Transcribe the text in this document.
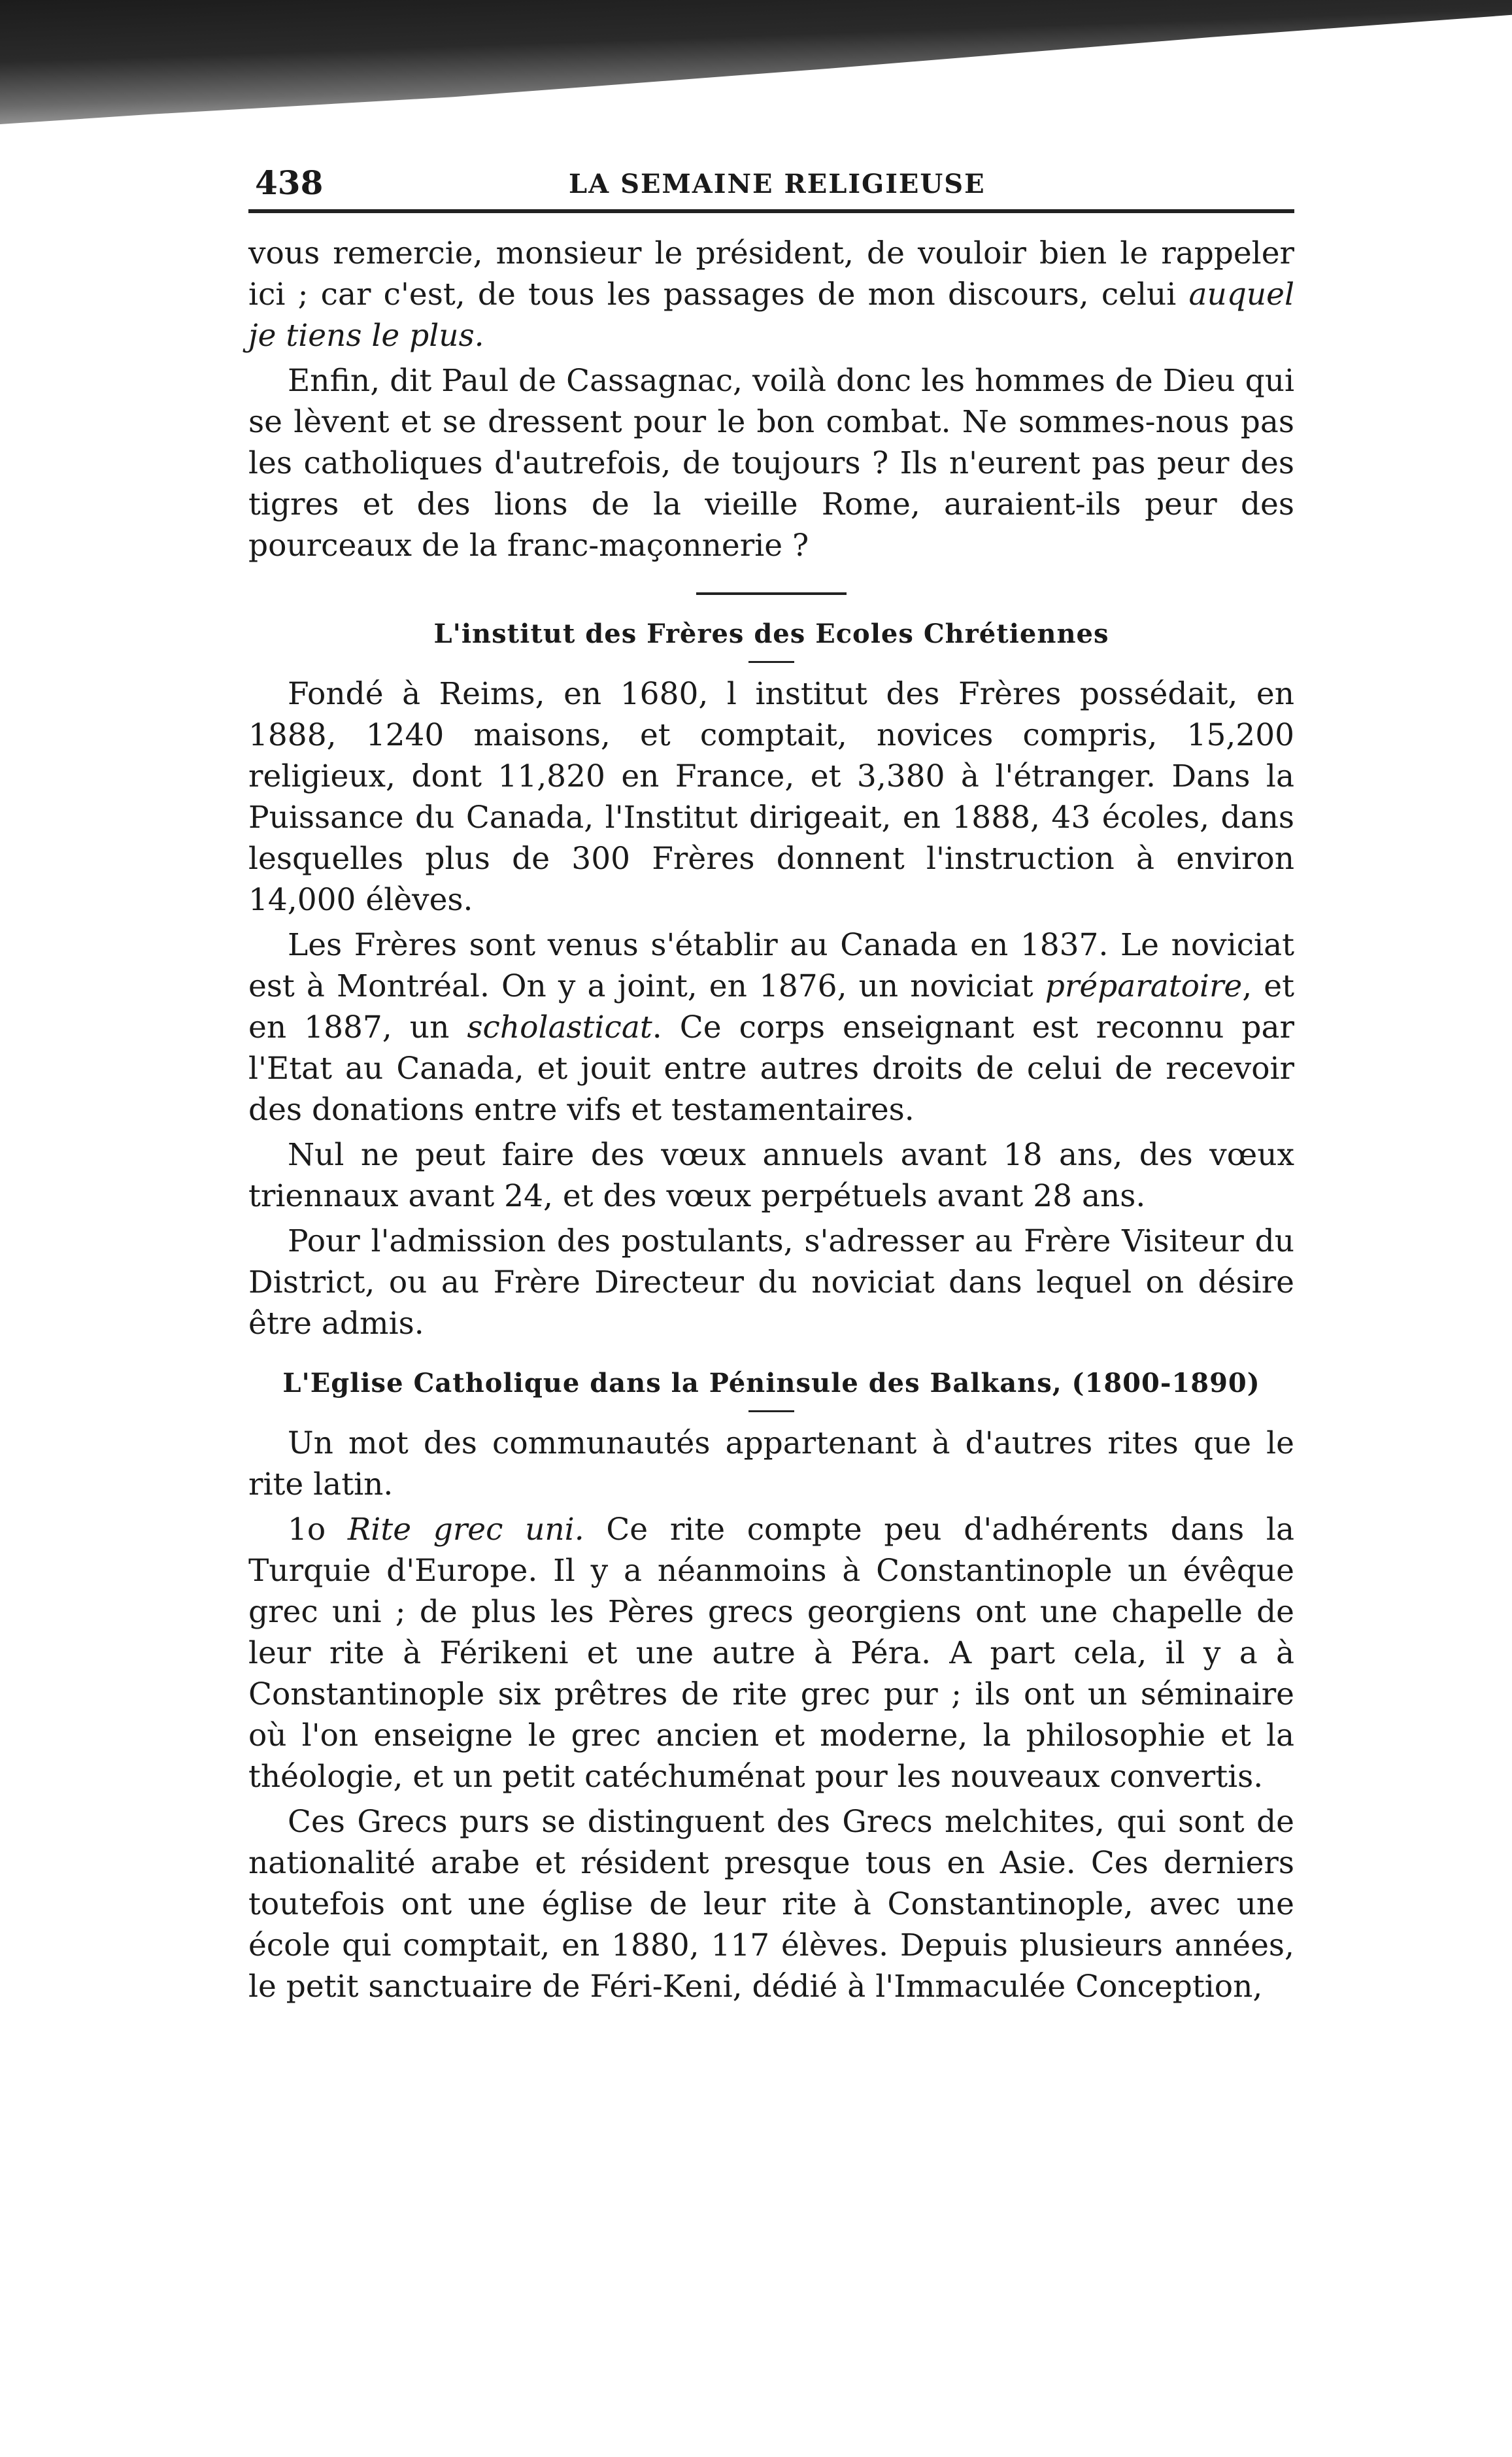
438	LA SEMAINE RELIGIEUSE

vous remercie, monsieur le président, de vouloir bien le rappeler ici ; car c'est, de tous les passages de mon discours, celui auquel je tiens le plus.

Enfin, dit Paul de Cassagnac, voilà donc les hommes de Dieu qui se lèvent et se dressent pour le bon combat. Ne sommes-nous pas les catholiques d'autrefois, de toujours ? Ils n'eurent pas peur des tigres et des lions de la vieille Rome, auraient-ils peur des pourceaux de la franc-maçonnerie ?

L'institut des Frères des Ecoles Chrétiennes

Fondé à Reims, en 1680, l institut des Frères possédait, en 1888, 1240 maisons, et comptait, novices compris, 15,200 religieux, dont 11,820 en France, et 3,380 à l'étranger. Dans la Puissance du Canada, l'Institut dirigeait, en 1888, 43 écoles, dans lesquelles plus de 300 Frères donnent l'instruction à environ 14,000 élèves.

Les Frères sont venus s'établir au Canada en 1837. Le noviciat est à Montréal. On y a joint, en 1876, un noviciat préparatoire, et en 1887, un scholasticat. Ce corps enseignant est reconnu par l'Etat au Canada, et jouit entre autres droits de celui de recevoir des donations entre vifs et testamentaires.

Nul ne peut faire des vœux annuels avant 18 ans, des vœux triennaux avant 24, et des vœux perpétuels avant 28 ans.

Pour l'admission des postulants, s'adresser au Frère Visiteur du District, ou au Frère Directeur du noviciat dans lequel on désire être admis.

L'Eglise Catholique dans la Péninsule des Balkans, (1800-1890)

Un mot des communautés appartenant à d'autres rites que le rite latin.

1o Rite grec uni. Ce rite compte peu d'adhérents dans la Turquie d'Europe. Il y a néanmoins à Constantinople un évêque grec uni ; de plus les Pères grecs georgiens ont une chapelle de leur rite à Férikeni et une autre à Péra. A part cela, il y a à Constantinople six prêtres de rite grec pur ; ils ont un séminaire où l'on enseigne le grec ancien et moderne, la philosophie et la théologie, et un petit catéchuménat pour les nouveaux convertis.

Ces Grecs purs se distinguent des Grecs melchites, qui sont de nationalité arabe et résident presque tous en Asie. Ces derniers toutefois ont une église de leur rite à Constantinople, avec une école qui comptait, en 1880, 117 élèves. Depuis plusieurs années, le petit sanctuaire de Féri-Keni, dédié à l'Immaculée Conception,
